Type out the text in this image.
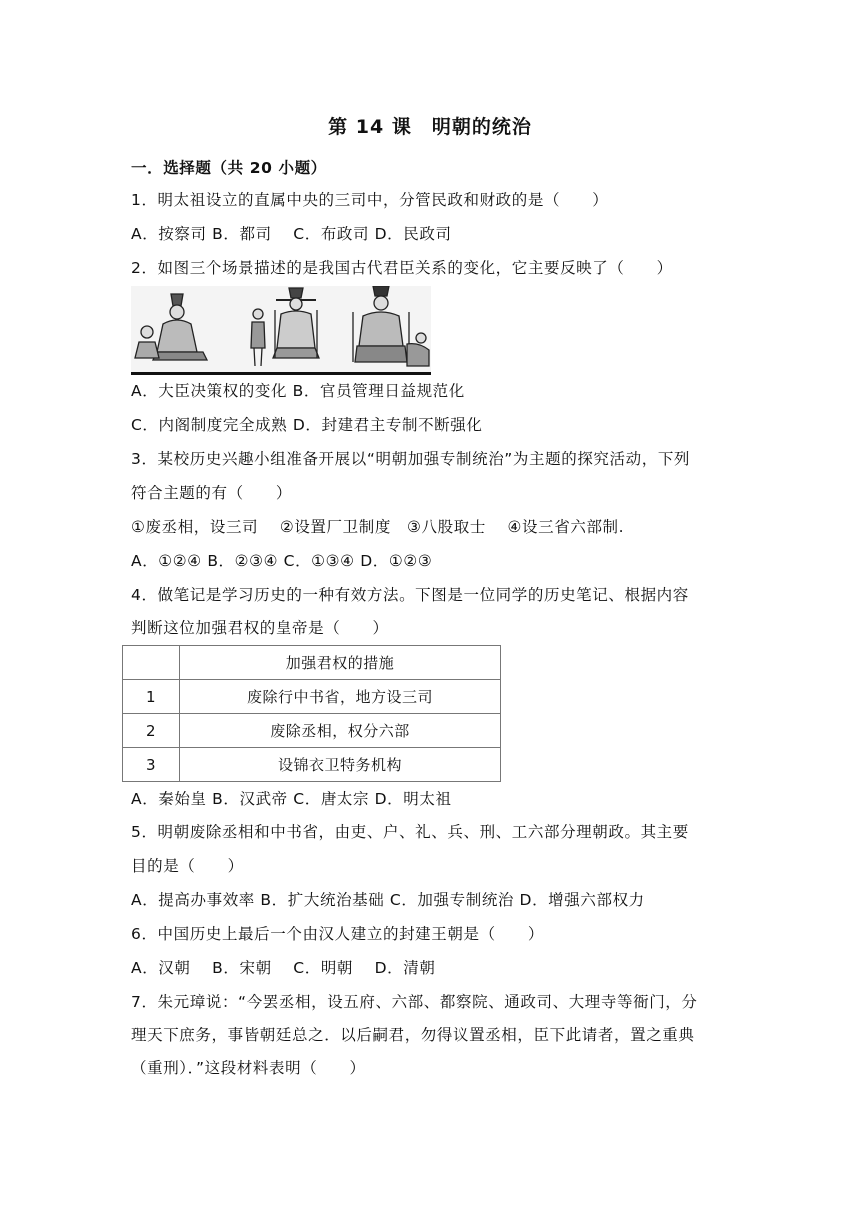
第 14 课　明朝的统治
一．选择题（共 20 小题）
1．明太祖设立的直属中央的三司中，分管民政和财政的是（　　）
A．按察司 B．都司　 C．布政司 D．民政司
2．如图三个场景描述的是我国古代君臣关系的变化，它主要反映了（　　）
A．大臣决策权的变化 B．官员管理日益规范化
C．内阁制度完全成熟 D．封建君主专制不断强化
3．某校历史兴趣小组准备开展以“明朝加强专制统治”为主题的探究活动，下列
符合主题的有（　　）
①废丞相，设三司　 ②设置厂卫制度　③八股取士　 ④设三省六部制.
A．①②④ B．②③④ C．①③④ D．①②③
4．做笔记是学习历史的一种有效方法。下图是一位同学的历史笔记、根据内容
判断这位加强君权的皇帝是（　　）
	加强君权的措施
1	废除行中书省，地方设三司
2	废除丞相，权分六部
3	设锦衣卫特务机构
A．秦始皇 B．汉武帝 C．唐太宗 D．明太祖
5．明朝废除丞相和中书省，由吏、户、礼、兵、刑、工六部分理朝政。其主要
目的是（　　）
A．提高办事效率 B．扩大统治基础 C．加强专制统治 D．增强六部权力
6．中国历史上最后一个由汉人建立的封建王朝是（　　）
A．汉朝　 B．宋朝　 C．明朝　 D．清朝
7．朱元璋说：“今罢丞相，设五府、六部、都察院、通政司、大理寺等衙门，分
理天下庶务，事皆朝廷总之．以后嗣君，勿得议置丞相，臣下此请者，置之重典
（重刑）．”这段材料表明（　　）
